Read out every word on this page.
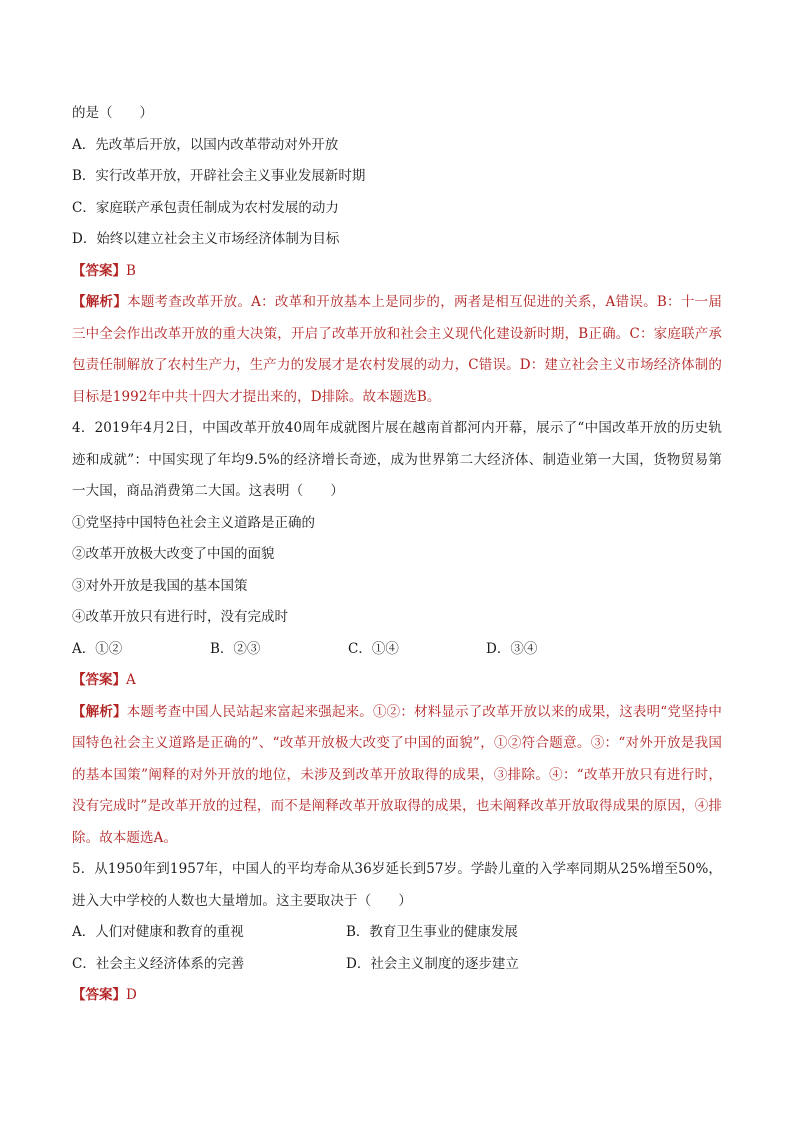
的是（　　）
A．先改革后开放，以国内改革带动对外开放
B．实行改革开放，开辟社会主义事业发展新时期
C．家庭联产承包责任制成为农村发展的动力
D．始终以建立社会主义市场经济体制为目标
【答案】B
【解析】本题考查改革开放。A：改革和开放基本上是同步的，两者是相互促进的关系，A错误。B：十一届三中全会作出改革开放的重大决策，开启了改革开放和社会主义现代化建设新时期，B正确。C：家庭联产承包责任制解放了农村生产力，生产力的发展才是农村发展的动力，C错误。D：建立社会主义市场经济体制的目标是1992年中共十四大才提出来的，D排除。故本题选B。
4．2019年4月2日，中国改革开放40周年成就图片展在越南首都河内开幕，展示了“中国改革开放的历史轨迹和成就”：中国实现了年均9.5%的经济增长奇迹，成为世界第二大经济体、制造业第一大国，货物贸易第一大国，商品消费第二大国。这表明（　　）
①党坚持中国特色社会主义道路是正确的
②改革开放极大改变了中国的面貌
③对外开放是我国的基本国策
④改革开放只有进行时，没有完成时
A．①②	B．②③	C．①④	D．③④
【答案】A
【解析】本题考查中国人民站起来富起来强起来。①②：材料显示了改革开放以来的成果，这表明“党坚持中国特色社会主义道路是正确的”、“改革开放极大改变了中国的面貌”，①②符合题意。③：“对外开放是我国的基本国策”阐释的对外开放的地位，未涉及到改革开放取得的成果，③排除。④：“改革开放只有进行时，没有完成时”是改革开放的过程，而不是阐释改革开放取得的成果，也未阐释改革开放取得成果的原因，④排除。故本题选A。
5．从1950年到1957年，中国人的平均寿命从36岁延长到57岁。学龄儿童的入学率同期从25%增至50%，进入大中学校的人数也大量增加。这主要取决于（　　）
A．人们对健康和教育的重视	B．教育卫生事业的健康发展
C．社会主义经济体系的完善	D．社会主义制度的逐步建立
【答案】D
